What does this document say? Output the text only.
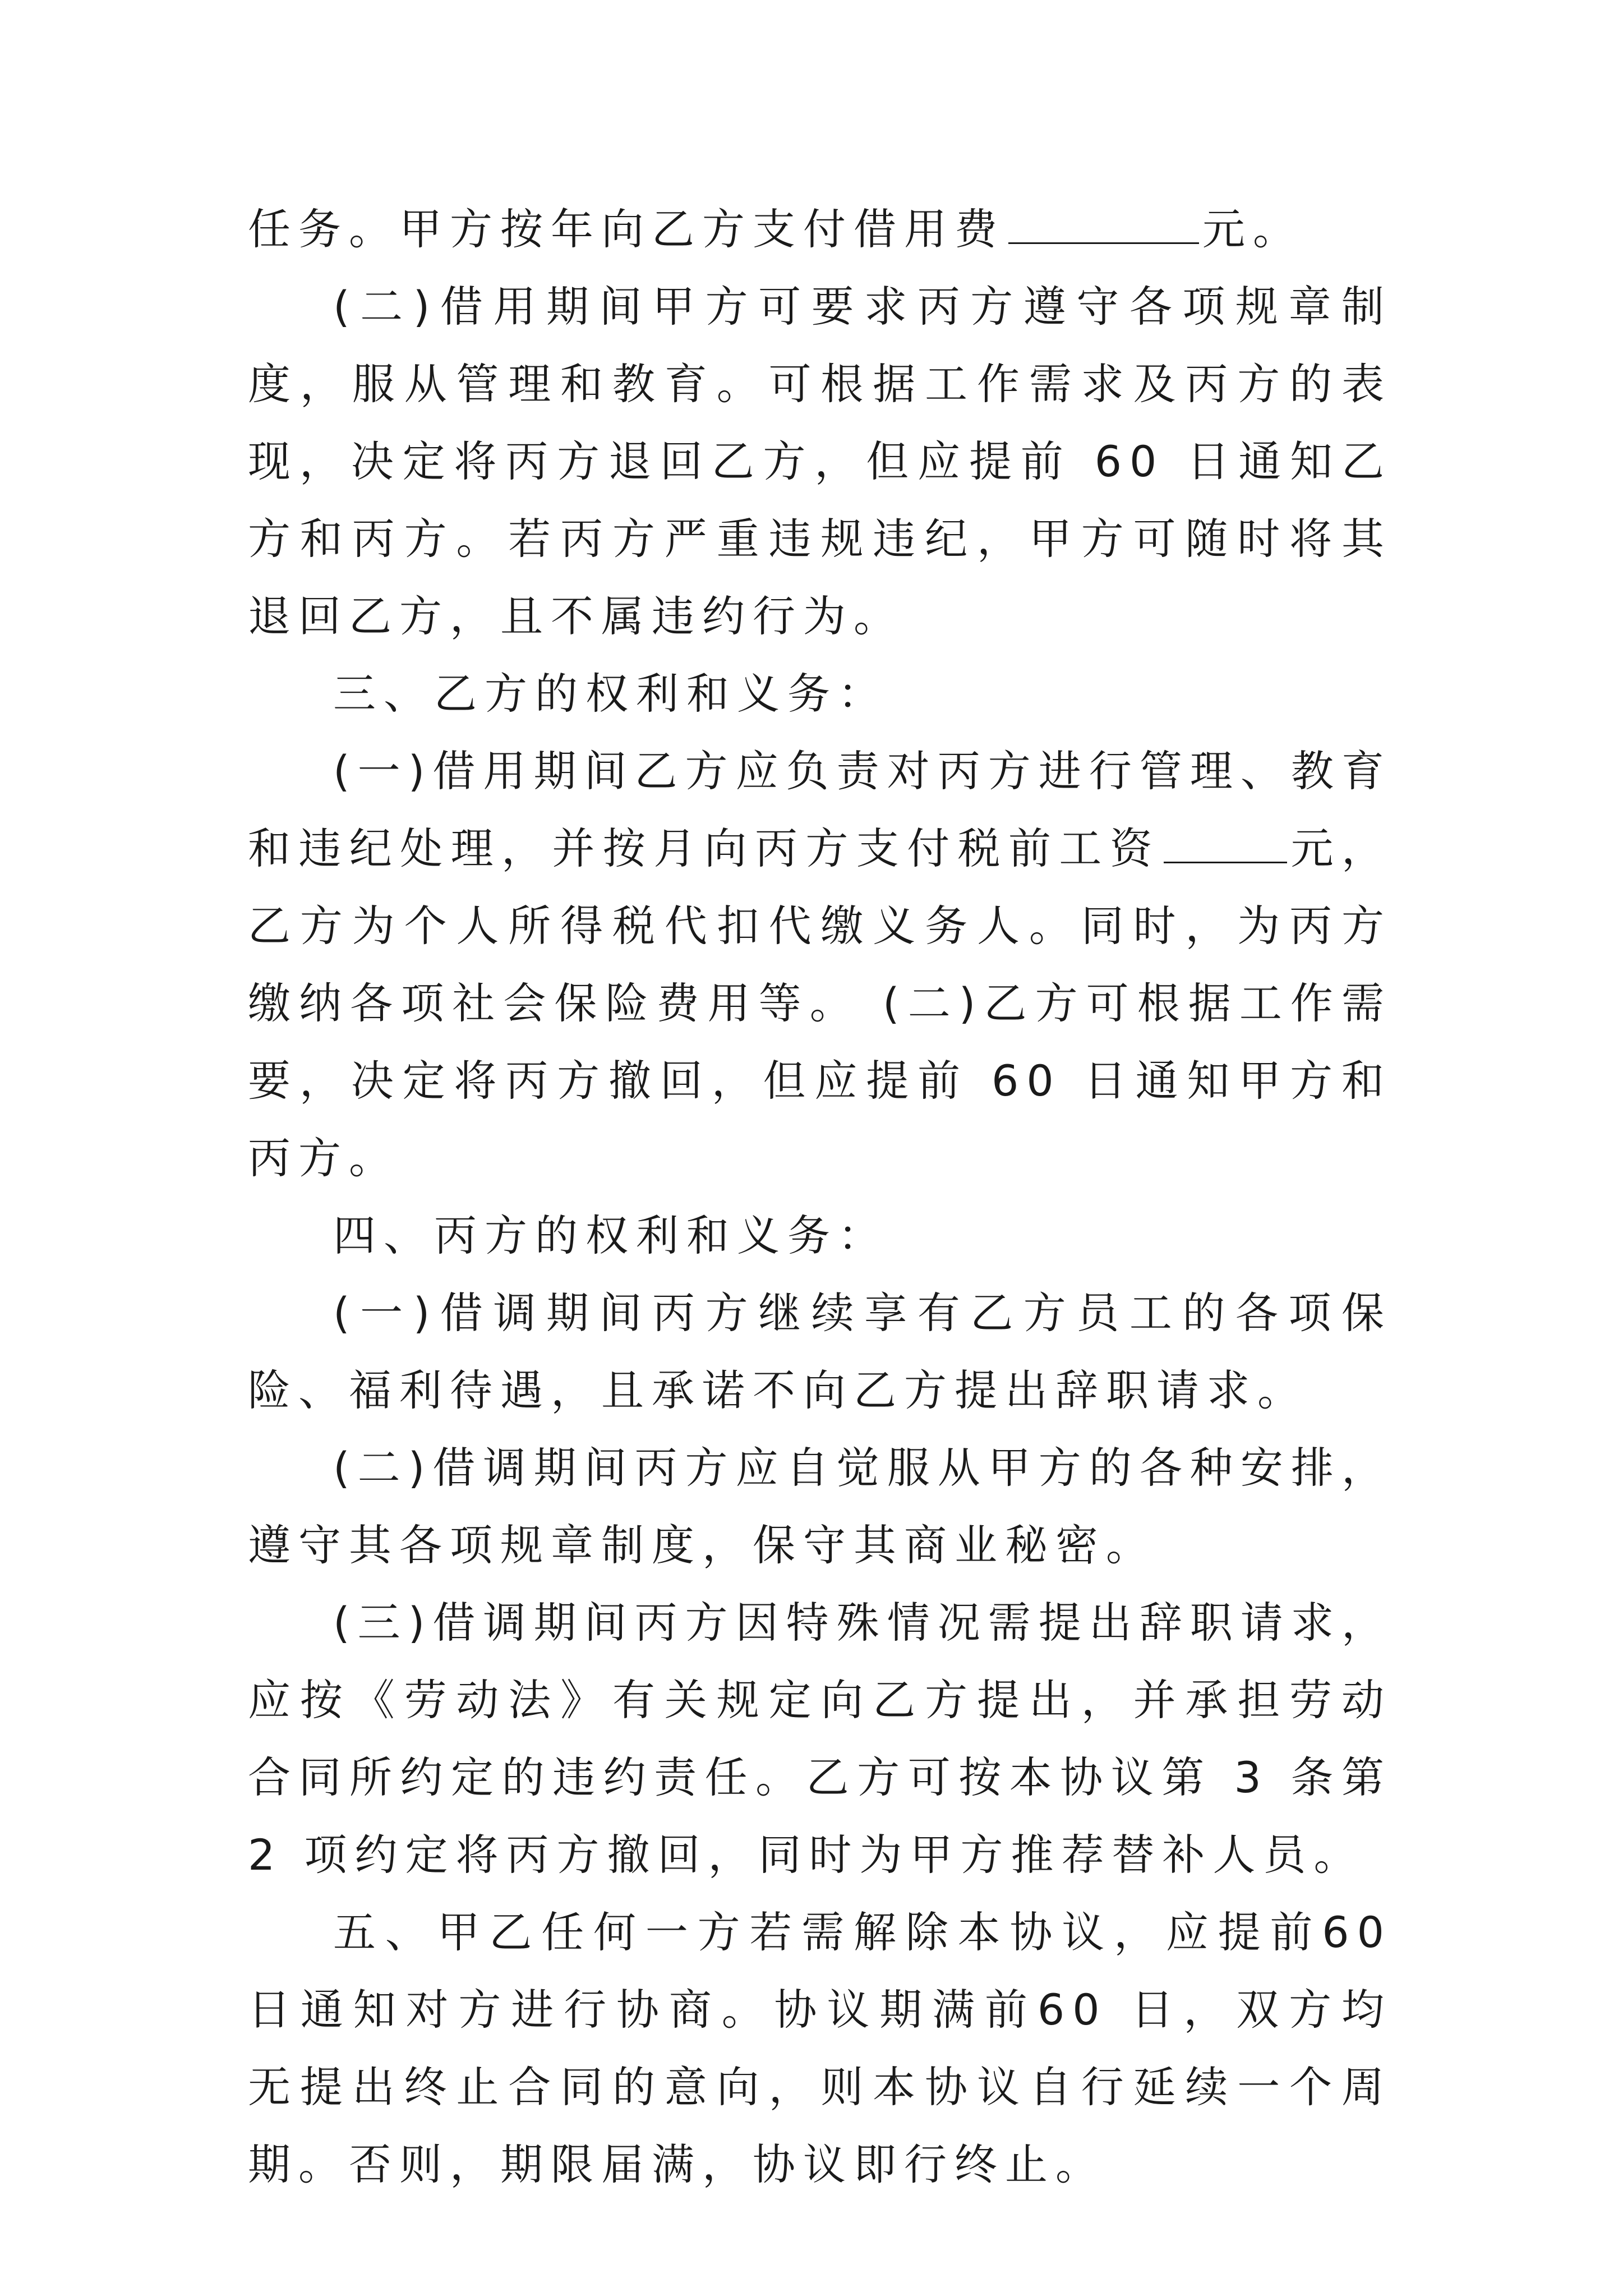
任务。甲方按年向乙方支付借用费	元。

(二)借用期间甲方可要求丙方遵守各项规章制度，服从管理和教育。可根据工作需求及丙方的表现，决定将丙方退回乙方，但应提前 60 日通知乙方和丙方。若丙方严重违规违纪，甲方可随时将其退回乙方，且不属违约行为。

三、乙方的权利和义务：

(一)借用期间乙方应负责对丙方进行管理、教育和违纪处理，并按月向丙方支付税前工资	元，乙方为个人所得税代扣代缴义务人。同时，为丙方缴纳各项社会保险费用等。 (二)乙方可根据工作需要，决定将丙方撤回，但应提前 60 日通知甲方和丙方。

四、丙方的权利和义务：

(一)借调期间丙方继续享有乙方员工的各项保险、福利待遇，且承诺不向乙方提出辞职请求。

(二)借调期间丙方应自觉服从甲方的各种安排，遵守其各项规章制度，保守其商业秘密。

(三)借调期间丙方因特殊情况需提出辞职请求，应按《劳动法》有关规定向乙方提出，并承担劳动合同所约定的违约责任。乙方可按本协议第 3 条第 2 项约定将丙方撤回，同时为甲方推荐替补人员。

五、甲乙任何一方若需解除本协议，应提前60 日通知对方进行协商。协议期满前60 日，双方均无提出终止合同的意向，则本协议自行延续一个周期。否则，期限届满，协议即行终止。
